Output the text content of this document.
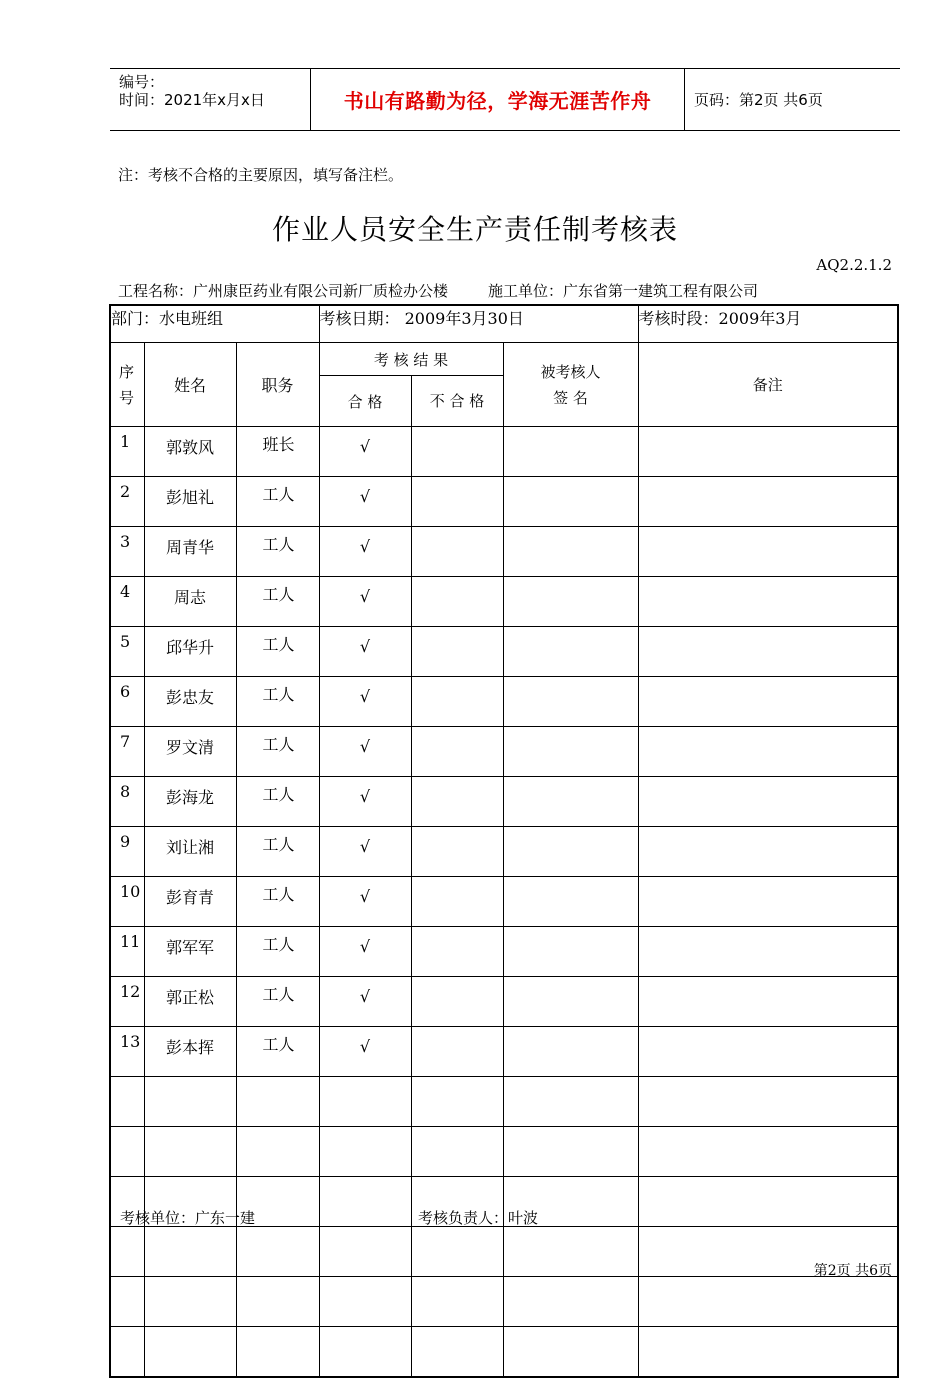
编号：
时间：2021年x月x日	书山有路勤为径，学海无涯苦作舟	页码：第2页 共6页
注：考核不合格的主要原因，填写备注栏。
作业人员安全生产责任制考核表
AQ2.2.1.2
工程名称：广州康臣药业有限公司新厂质检办公楼	施工单位：广东省第一建筑工程有限公司
部门：水电班组			考核日期： 2009年3月30日			考核时段：2009年3月
序号	姓名	职务	考 核 结 果		被考核人签 名	备注
			合 格	不 合 格		
1	郭敦风	班长	√			
2	彭旭礼	工人	√			
3	周青华	工人	√			
4	周志	工人	√			
5	邱华升	工人	√			
6	彭忠友	工人	√			
7	罗文清	工人	√			
8	彭海龙	工人	√			
9	刘让湘	工人	√			
10	彭育青	工人	√			
11	郭军军	工人	√			
12	郭正松	工人	√			
13	彭本挥	工人	√			

考核单位：广东一建	考核负责人：叶波
第2页 共6页
